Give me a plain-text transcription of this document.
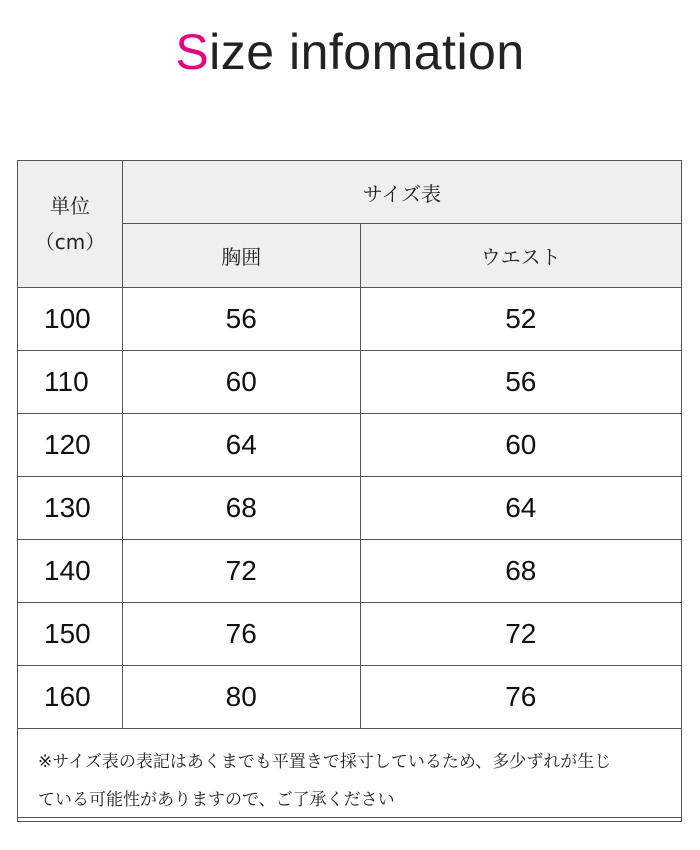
Size infomation
単位
（cm）	サイズ表	
	胸囲	ウエスト
100	56	52
110	60	56
120	64	60
130	68	64
140	72	68
150	76	72
160	80	76

※サイズ表の表記はあくまでも平置きで採寸しているため、多少ずれが生じ
ている可能性がありますので、ご了承ください		
